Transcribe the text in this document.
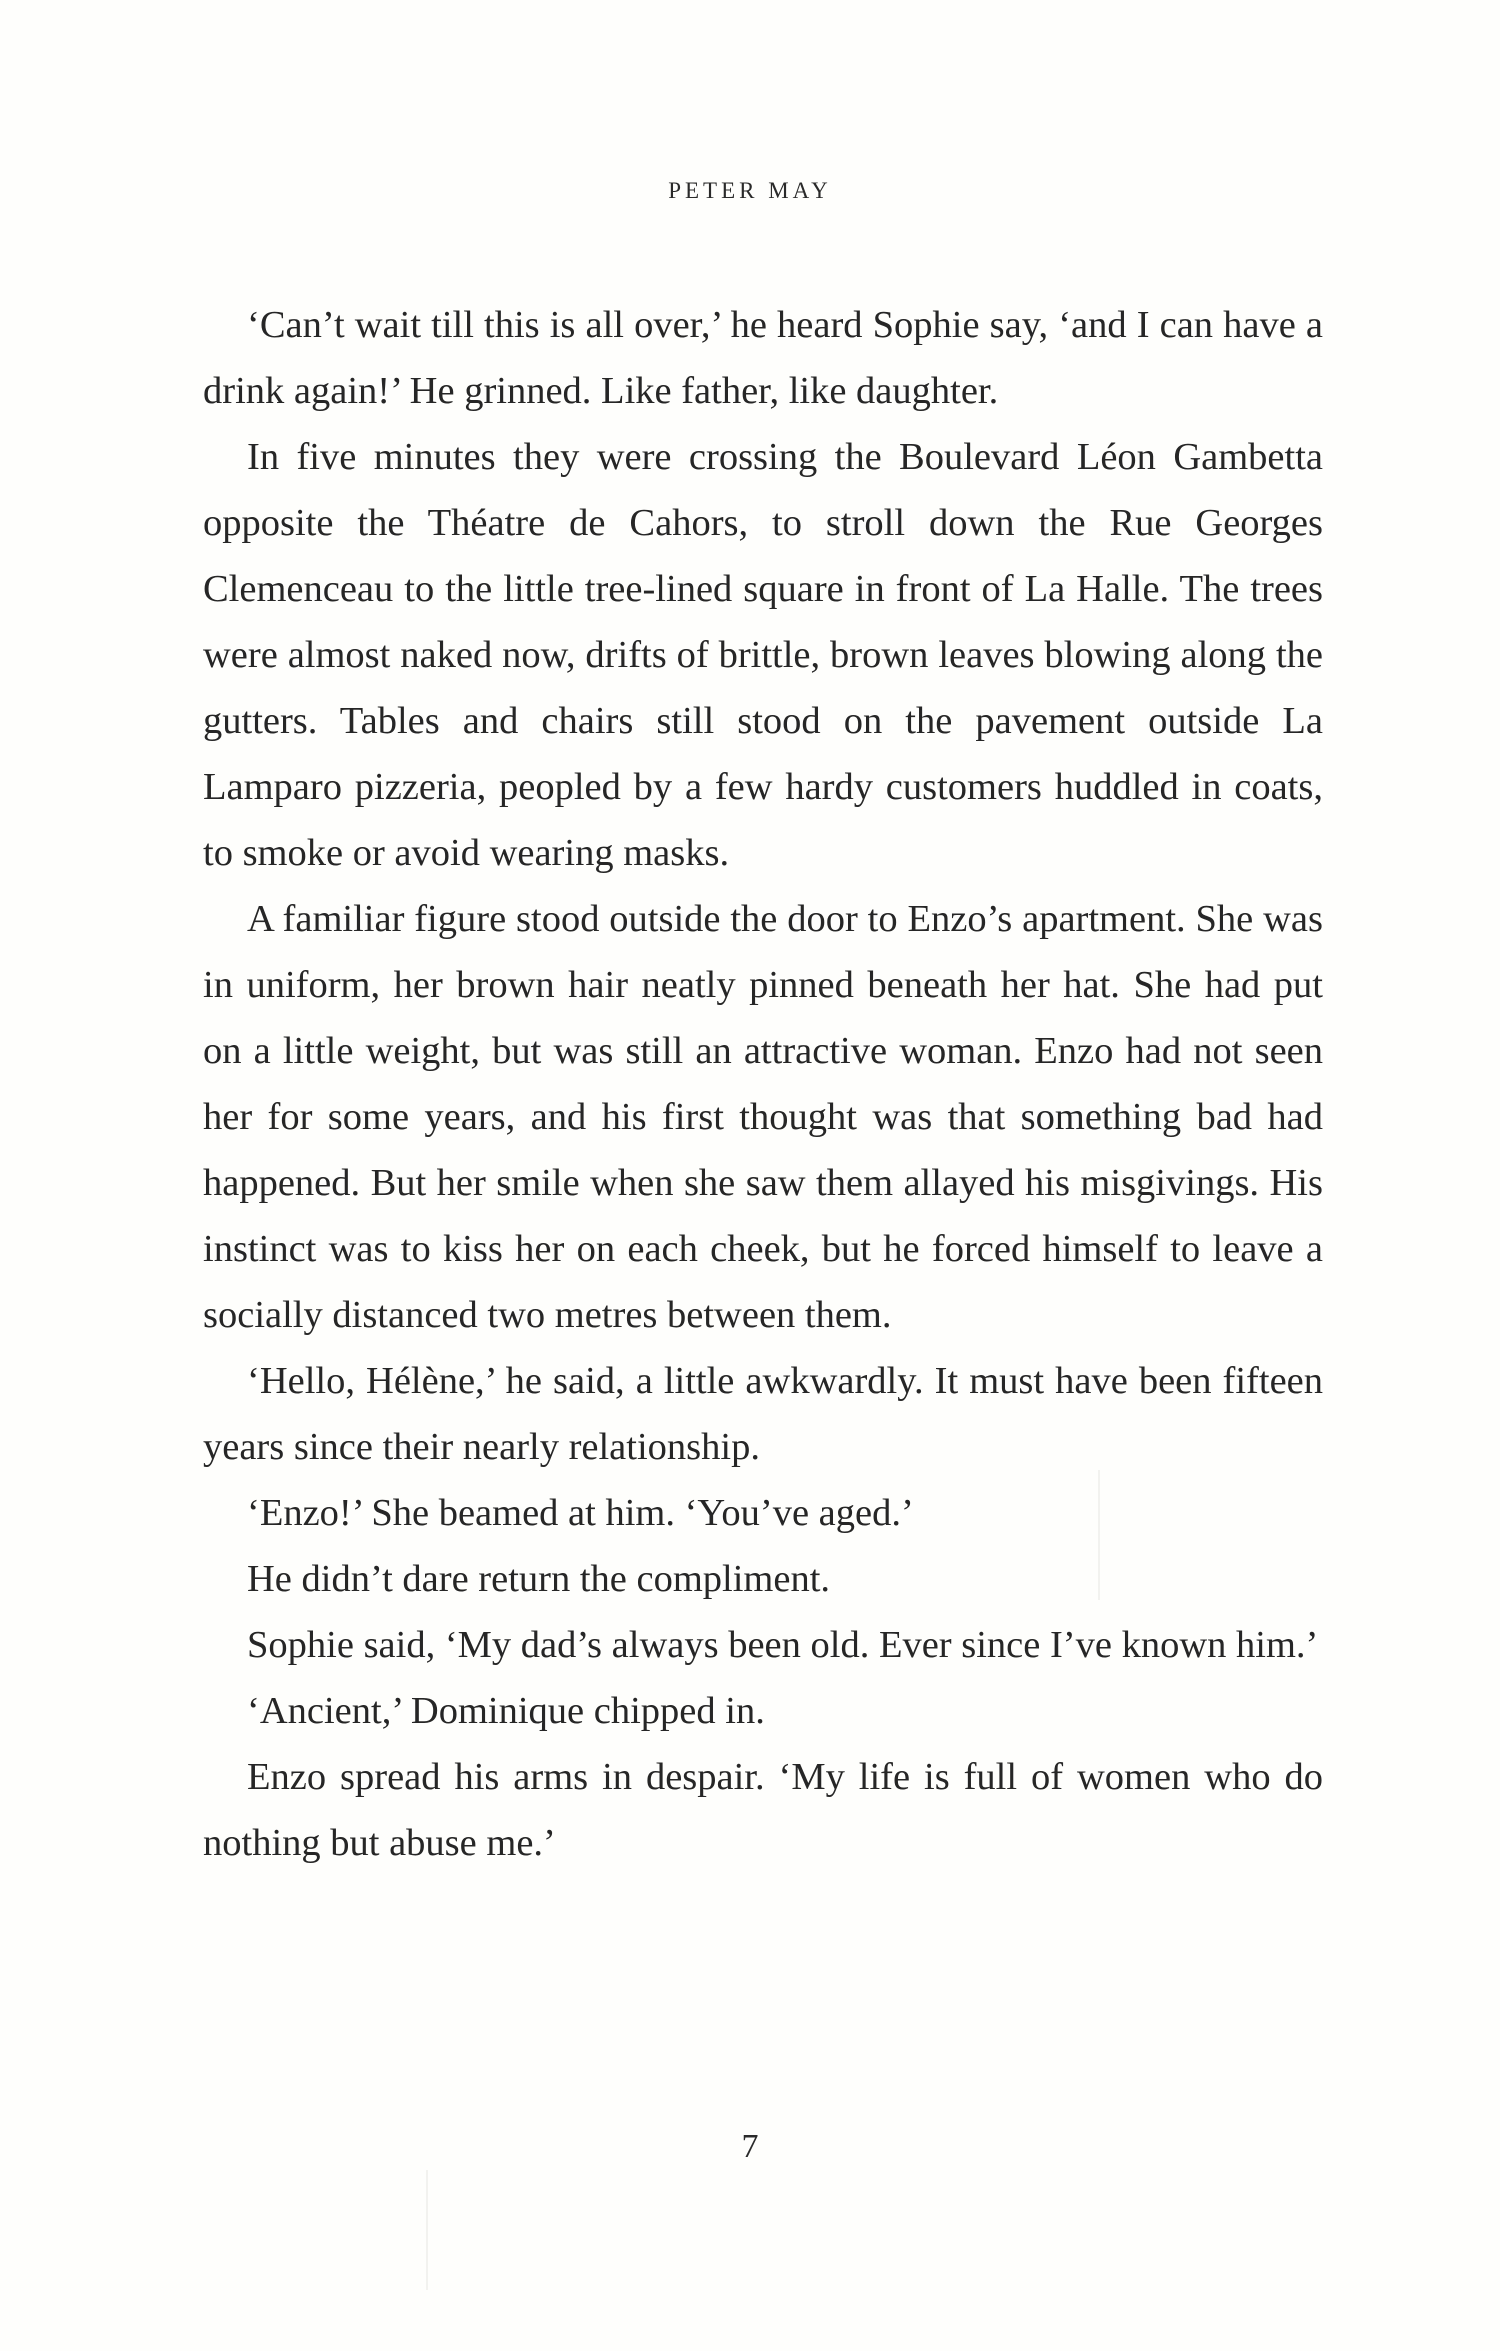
PETER MAY

‘Can’t wait till this is all over,’ he heard Sophie say, ‘and I can have a drink again!’ He grinned. Like father, like daughter.

In five minutes they were crossing the Boulevard Léon Gambetta opposite the Théatre de Cahors, to stroll down the Rue Georges Clemenceau to the little tree-lined square in front of La Halle. The trees were almost naked now, drifts of brittle, brown leaves blowing along the gutters. Tables and chairs still stood on the pavement outside La Lamparo pizzeria, peopled by a few hardy customers huddled in coats, to smoke or avoid wearing masks.

A familiar figure stood outside the door to Enzo’s apartment. She was in uniform, her brown hair neatly pinned beneath her hat. She had put on a little weight, but was still an attractive woman. Enzo had not seen her for some years, and his first thought was that something bad had happened. But her smile when she saw them allayed his misgivings. His instinct was to kiss her on each cheek, but he forced himself to leave a socially distanced two metres between them.

‘Hello, Hélène,’ he said, a little awkwardly. It must have been fifteen years since their nearly relationship.

‘Enzo!’ She beamed at him. ‘You’ve aged.’

He didn’t dare return the compliment.

Sophie said, ‘My dad’s always been old. Ever since I’ve known him.’

‘Ancient,’ Dominique chipped in.

Enzo spread his arms in despair. ‘My life is full of women who do nothing but abuse me.’

7
